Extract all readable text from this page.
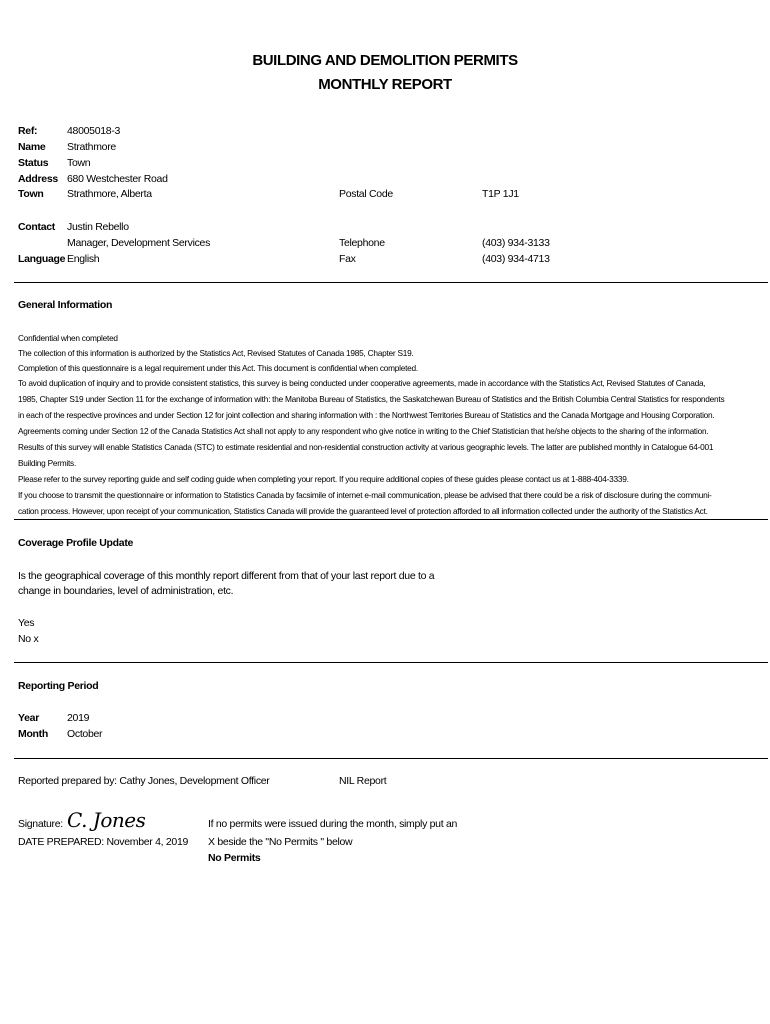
BUILDING AND DEMOLITION PERMITS
MONTHLY REPORT
Ref:	48005018-3
Name Strathmore
Status Town
Address 680 Westchester Road
Town Strathmore, Alberta	Postal Code	T1P 1J1
Contact Justin Rebello
Manager, Development Services	Telephone	(403) 934-3133
Language English	Fax	(403) 934-4713
General Information
Confidential when completed
The collection of this information is authorized by the Statistics Act, Revised Statutes of Canada 1985, Chapter S19.
Completion of this questionnaire is a legal requirement under this Act. This document is confidential when completed.
To avoid duplication of inquiry and to provide consistent statistics, this survey is being conducted under cooperative agreements, made in accordance with the Statistics Act, Revised Statutes of Canada,
1985, Chapter S19 under Section 11 for the exchange of information with: the Manitoba Bureau of Statistics, the Saskatchewan Bureau of Statistics and the British Columbia Central Statistics for respondents
in each of the respective provinces and under Section 12 for joint collection and sharing information with : the Northwest Territories Bureau of Statistics and the Canada Mortgage and Housing Corporation.
Agreements coming under Section 12 of the Canada Statistics Act shall not apply to any respondent who give notice in writing to the Chief Statistician that he/she objects to the sharing of the information.
Results of this survey will enable Statistics Canada (STC) to estimate residential and non-residential construction activity at various geographic levels. The latter are published monthly in Catalogue 64-001
Building Permits.
Please refer to the survey reporting guide and self coding guide when completing your report. If you require additional copies of these guides please contact us at 1-888-404-3339.
If you choose to transmit the questionnaire or information to Statistics Canada by facsimile of internet e-mail communication, please be advised that there could be a risk of disclosure during the communi-
cation process. However, upon receipt of your communication, Statistics Canada will provide the guaranteed level of protection afforded to all information collected under the authority of the Statistics Act.
Coverage Profile Update
Is the geographical coverage of this monthly report different from that of your last report due to a
change in boundaries, level of administration, etc.
Yes
No x
Reporting Period
Year	2019
Month October
Reported prepared by: Cathy Jones, Development Officer	NIL Report
Signature: C. Jones
DATE PREPARED: November 4, 2019
If no permits were issued during the month, simply put an
X beside the "No Permits " below
No Permits
